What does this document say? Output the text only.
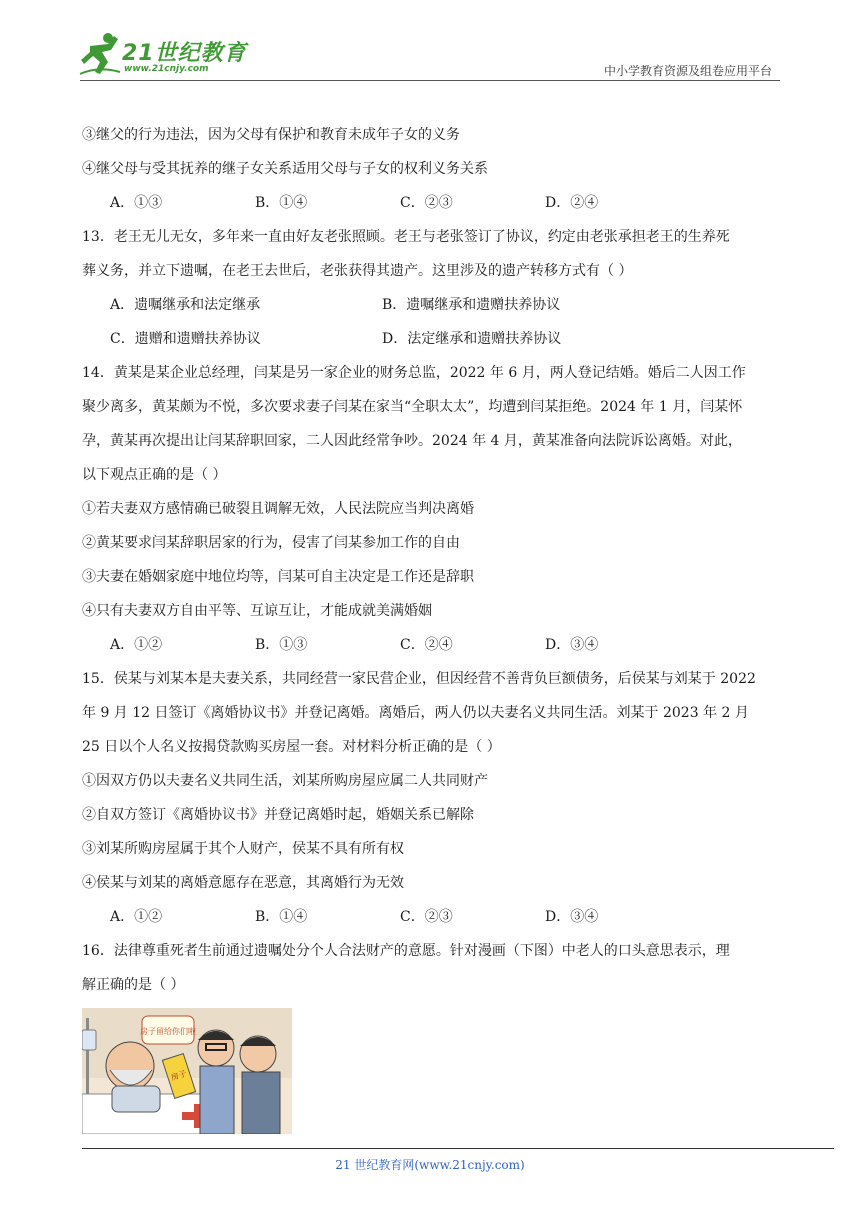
21世纪教育
www.21cnjy.com	中小学教育资源及组卷应用平台
③继父的行为违法，因为父母有保护和教育未成年子女的义务
④继父母与受其抚养的继子女关系适用父母与子女的权利义务关系
A．①③	B．①④	C．②③	D．②④
13．老王无儿无女，多年来一直由好友老张照顾。老王与老张签订了协议，约定由老张承担老王的生养死
葬义务，并立下遗嘱，在老王去世后，老张获得其遗产。这里涉及的遗产转移方式有（ ）
A．遗嘱继承和法定继承	B．遗嘱继承和遗赠扶养协议
C．遗赠和遗赠扶养协议	D．法定继承和遗赠扶养协议
14．黄某是某企业总经理，闫某是另一家企业的财务总监，2022 年 6 月，两人登记结婚。婚后二人因工作
聚少离多，黄某颇为不悦，多次要求妻子闫某在家当“全职太太”，均遭到闫某拒绝。2024 年 1 月，闫某怀
孕，黄某再次提出让闫某辞职回家，二人因此经常争吵。2024 年 4 月，黄某准备向法院诉讼离婚。对此，
以下观点正确的是（ ）
①若夫妻双方感情确已破裂且调解无效，人民法院应当判决离婚
②黄某要求闫某辞职居家的行为，侵害了闫某参加工作的自由
③夫妻在婚姻家庭中地位均等，闫某可自主决定是工作还是辞职
④只有夫妻双方自由平等、互谅互让，才能成就美满婚姻
A．①②	B．①③	C．②④	D．③④
15．侯某与刘某本是夫妻关系，共同经营一家民营企业，但因经营不善背负巨额债务，后侯某与刘某于 2022
年 9 月 12 日签订《离婚协议书》并登记离婚。离婚后，两人仍以夫妻名义共同生活。刘某于 2023 年 2 月
25 日以个人名义按揭贷款购买房屋一套。对材料分析正确的是（ ）
①因双方仍以夫妻名义共同生活，刘某所购房屋应属二人共同财产
②自双方签订《离婚协议书》并登记离婚时起，婚姻关系已解除
③刘某所购房屋属于其个人财产，侯某不具有所有权
④侯某与刘某的离婚意愿存在恶意，其离婚行为无效
A．①②	B．①④	C．②③	D．③④
16．法律尊重死者生前通过遗嘱处分个人合法财产的意愿。针对漫画（下图）中老人的口头意思表示，理
解正确的是（ ）
房子留给你们啦
房子
21 世纪教育网(www.21cnjy.com)
